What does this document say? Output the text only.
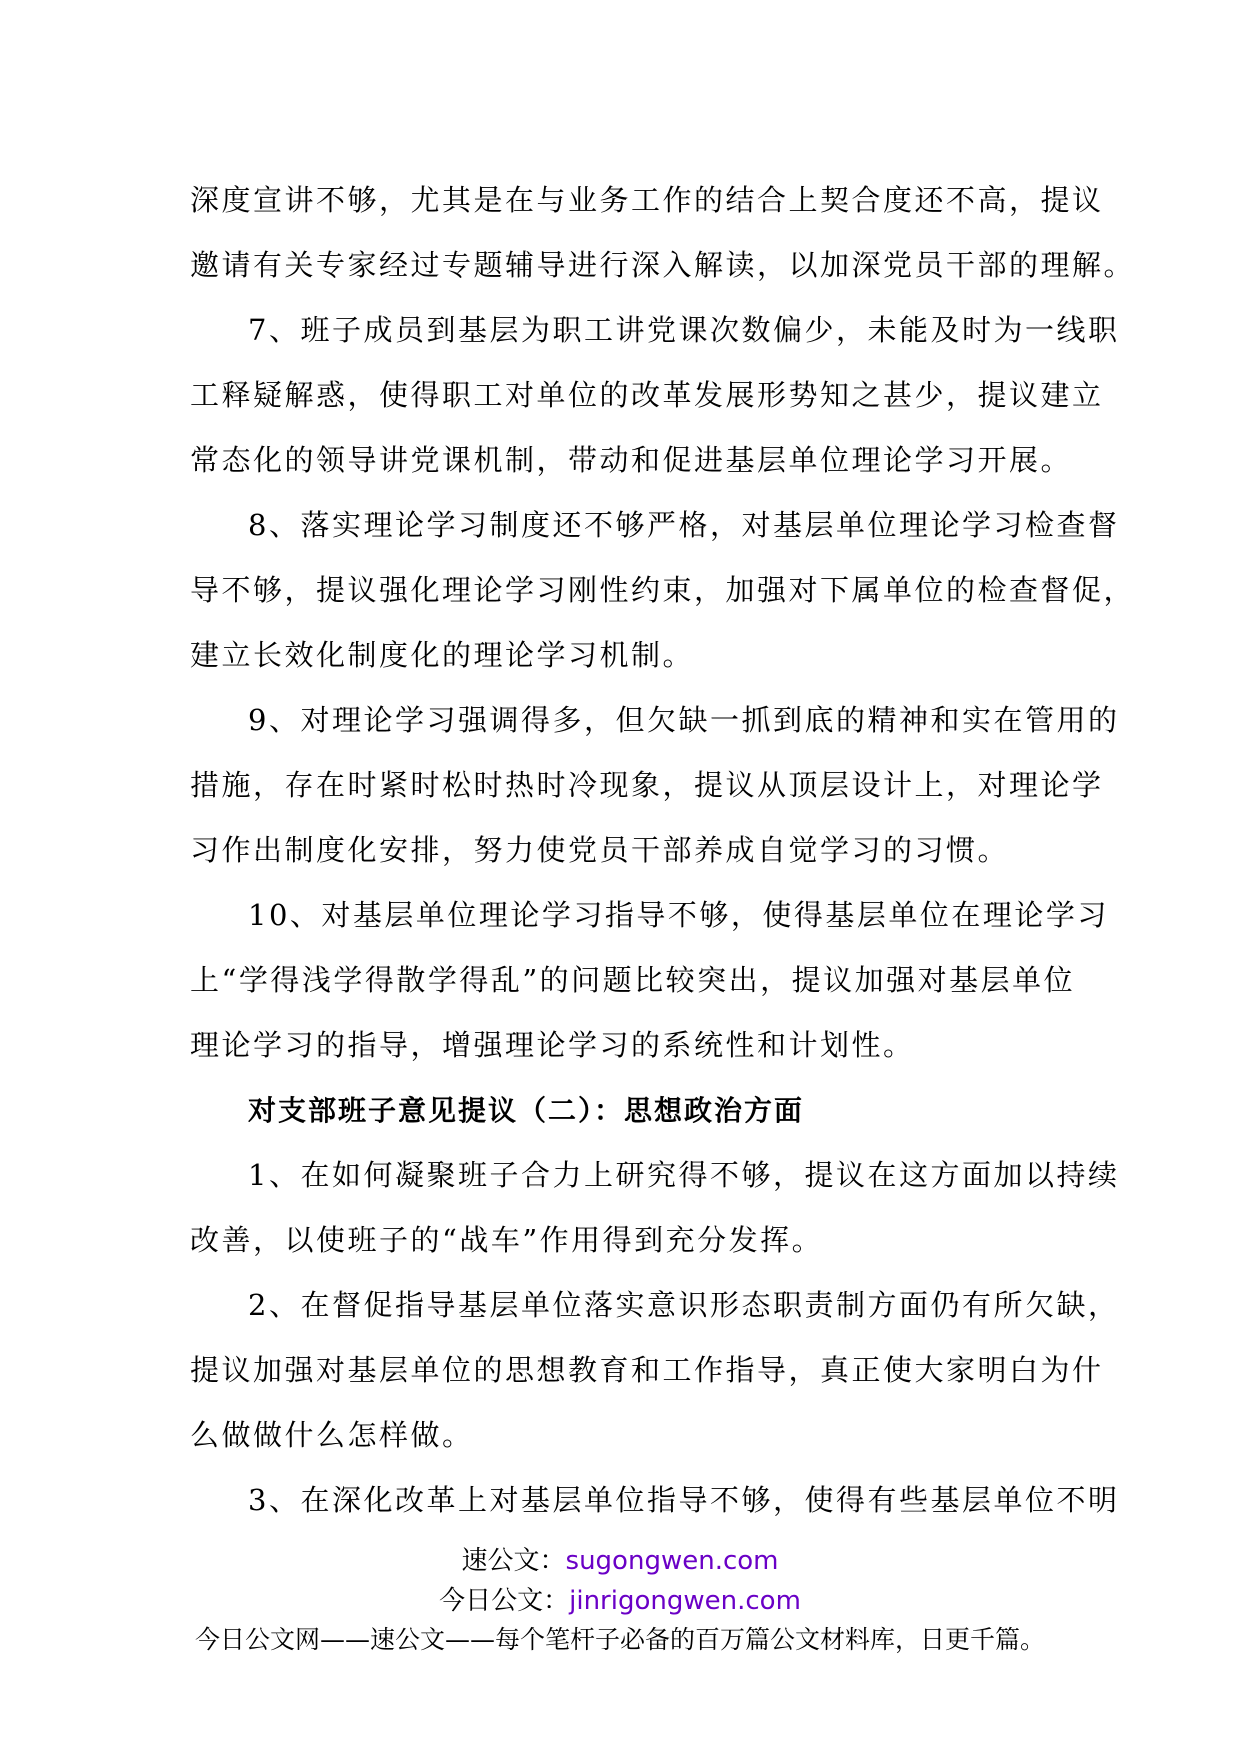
深度宣讲不够，尤其是在与业务工作的结合上契合度还不高，提议
邀请有关专家经过专题辅导进行深入解读，以加深党员干部的理解。
7、班子成员到基层为职工讲党课次数偏少，未能及时为一线职
工释疑解惑，使得职工对单位的改革发展形势知之甚少，提议建立
常态化的领导讲党课机制，带动和促进基层单位理论学习开展。
8、落实理论学习制度还不够严格，对基层单位理论学习检查督
导不够，提议强化理论学习刚性约束，加强对下属单位的检查督促，
建立长效化制度化的理论学习机制。
9、对理论学习强调得多，但欠缺一抓到底的精神和实在管用的
措施，存在时紧时松时热时冷现象，提议从顶层设计上，对理论学
习作出制度化安排，努力使党员干部养成自觉学习的习惯。
10、对基层单位理论学习指导不够，使得基层单位在理论学习
上“学得浅学得散学得乱”的问题比较突出，提议加强对基层单位
理论学习的指导，增强理论学习的系统性和计划性。
对支部班子意见提议（二）：思想政治方面
1、在如何凝聚班子合力上研究得不够，提议在这方面加以持续
改善，以使班子的“战车”作用得到充分发挥。
2、在督促指导基层单位落实意识形态职责制方面仍有所欠缺，
提议加强对基层单位的思想教育和工作指导，真正使大家明白为什
么做做什么怎样做。
3、在深化改革上对基层单位指导不够，使得有些基层单位不明
速公文：sugongwen.com
今日公文：jinrigongwen.com
今日公文网——速公文——每个笔杆子必备的百万篇公文材料库，日更千篇。
